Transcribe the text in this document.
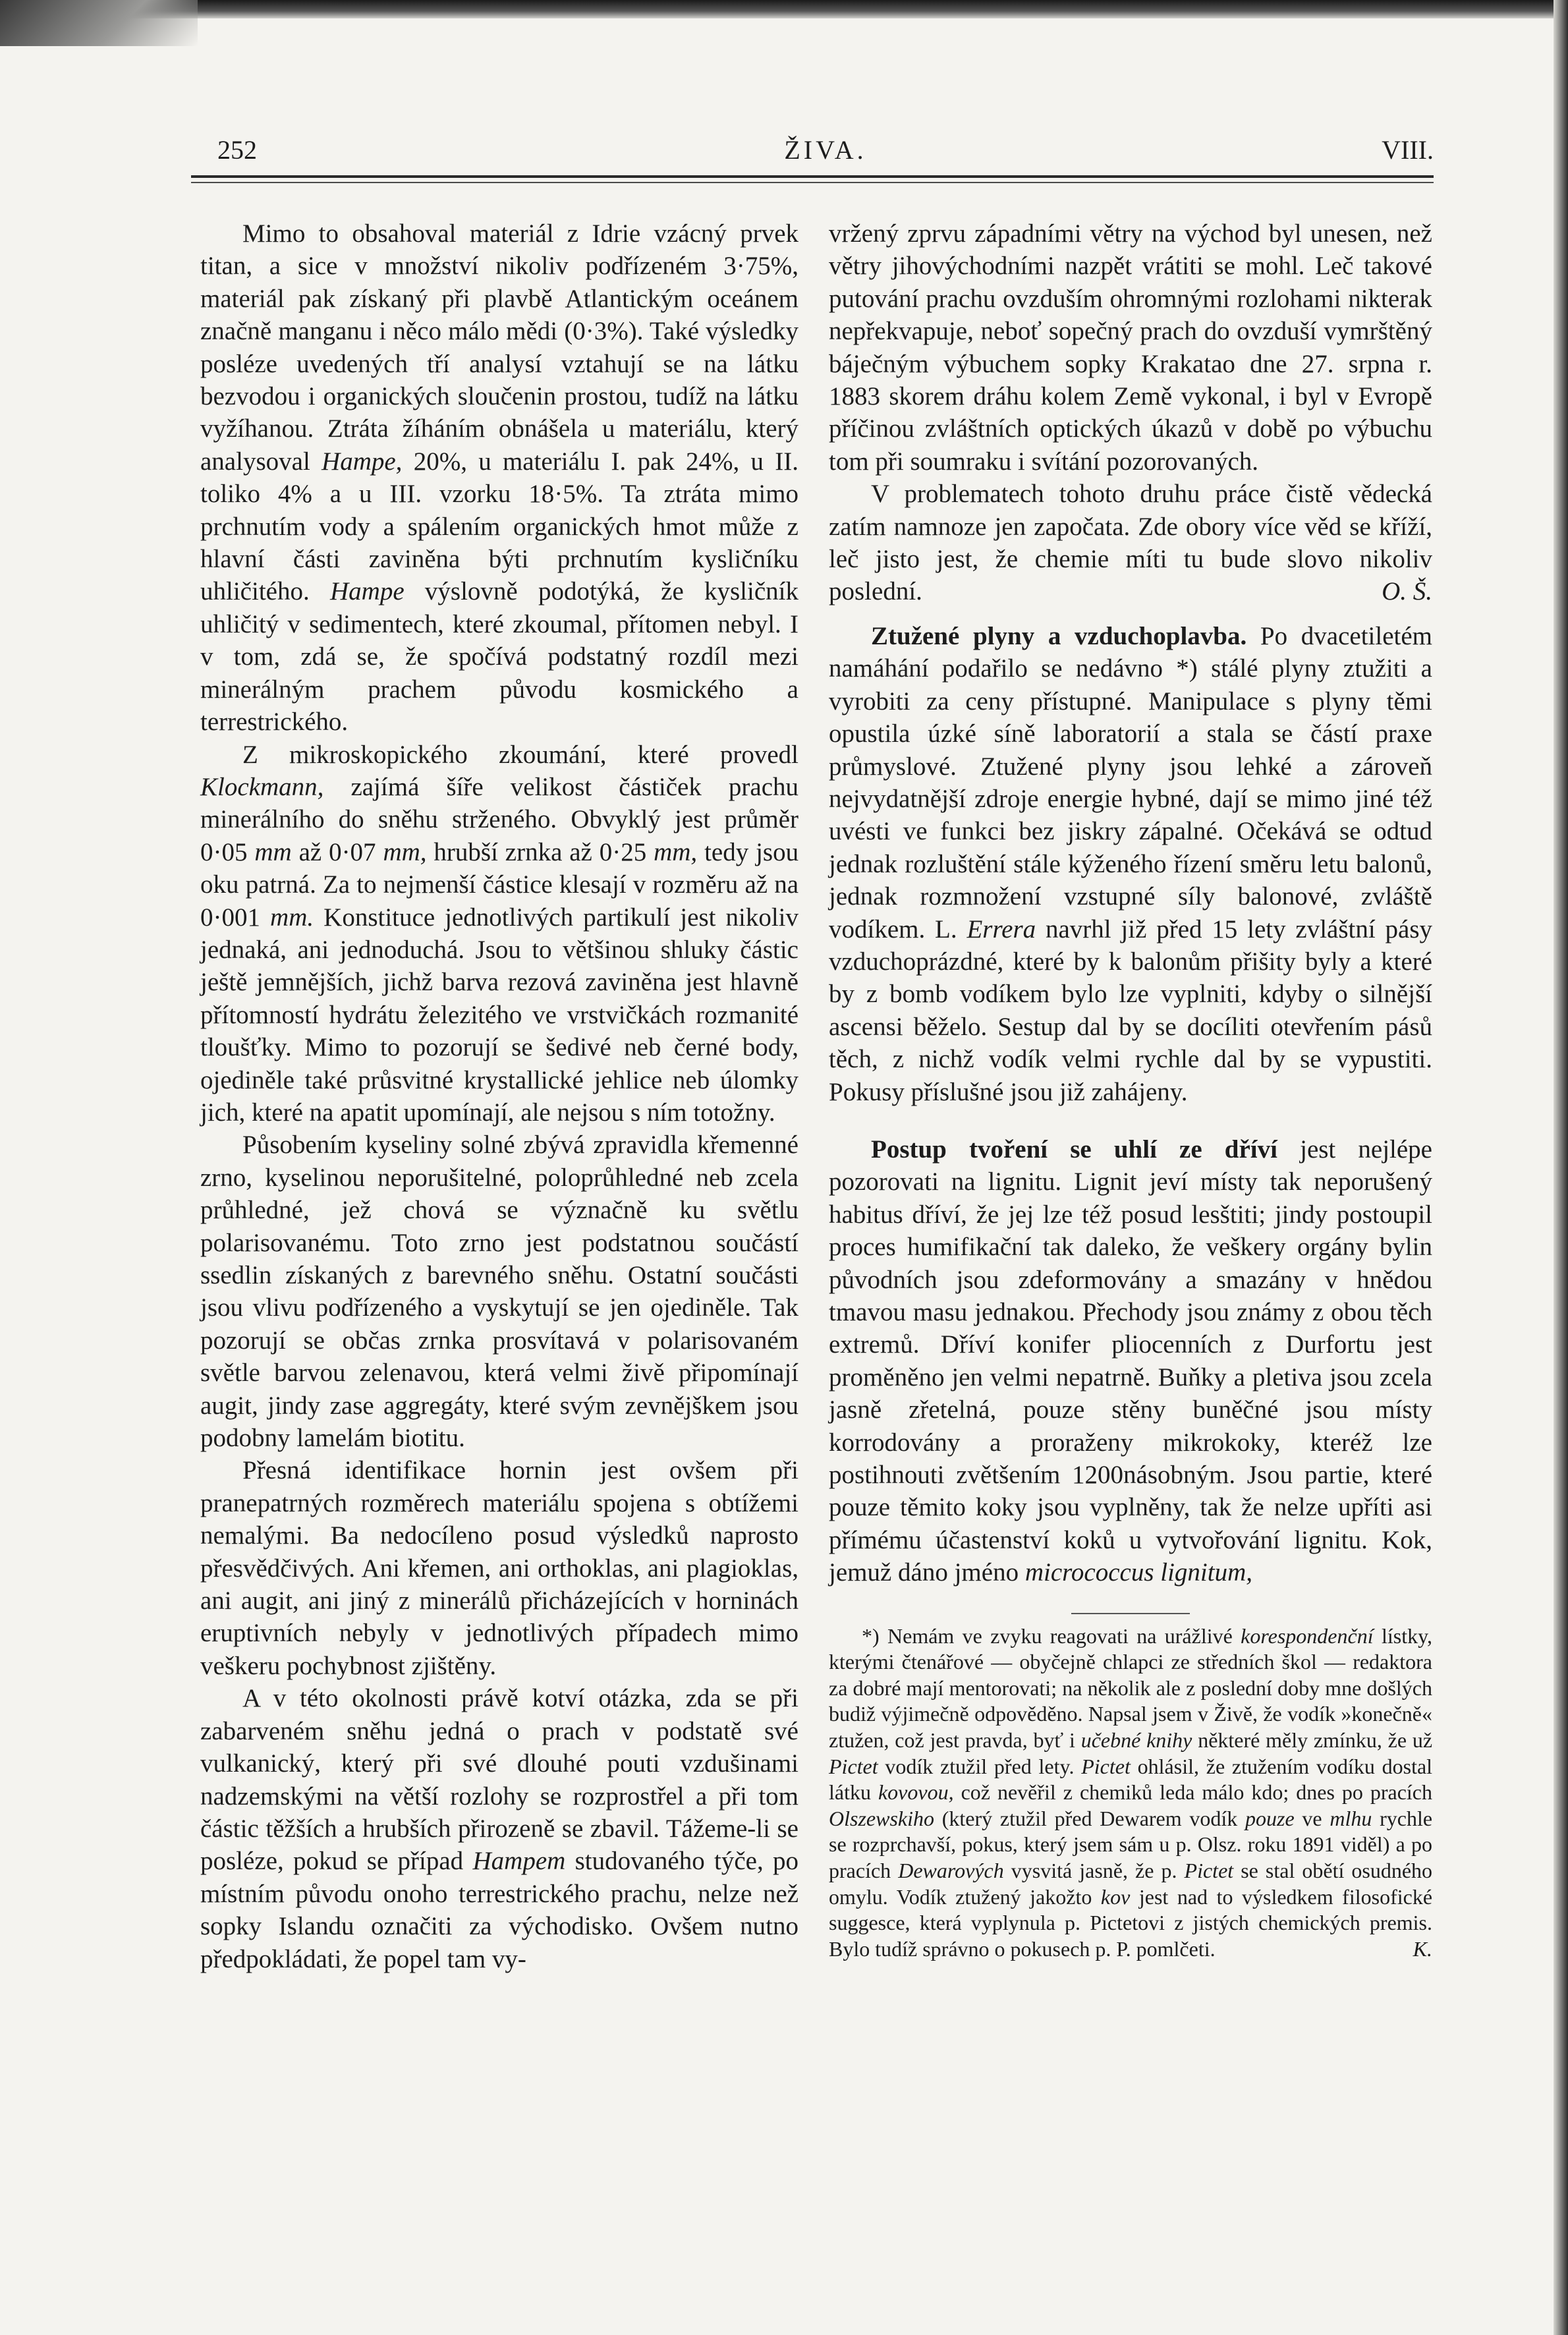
ŽIVA.
252	VIII.

Mimo to obsahoval materiál z Idrie vzácný prvek titan, a sice v množství nikoliv podřízeném 3·75%, materiál pak získaný při plavbě Atlantickým oceánem značně manganu i něco málo mědi (0·3%). Také výsledky posléze uvedených tří analysí vztahují se na látku bezvodou i organických sloučenin prostou, tudíž na látku vyžíhanou. Ztráta žíháním obnášela u materiálu, který analysoval Hampe, 20%, u materiálu I. pak 24%, u II. toliko 4% a u III. vzorku 18·5%. Ta ztráta mimo prchnutím vody a spálením organických hmot může z hlavní části zaviněna býti prchnutím kysličníku uhličitého. Hampe výslovně podotýká, že kysličník uhličitý v sedimentech, které zkoumal, přítomen nebyl. I v tom, zdá se, že spočívá podstatný rozdíl mezi minerálným prachem původu kosmického a terrestrického.

Z mikroskopického zkoumání, které provedl Klockmann, zajímá šíře velikost částiček prachu minerálního do sněhu strženého. Obvyklý jest průměr 0·05 mm až 0·07 mm, hrubší zrnka až 0·25 mm, tedy jsou oku patrná. Za to nejmenší částice klesají v rozměru až na 0·001 mm. Konstituce jednotlivých partikulí jest nikoliv jednaká, ani jednoduchá. Jsou to většinou shluky částic ještě jemnějších, jichž barva rezová zaviněna jest hlavně přítomností hydrátu železitého ve vrstvičkách rozmanité tloušťky. Mimo to pozorují se šedivé neb černé body, ojediněle také průsvitné krystallické jehlice neb úlomky jich, které na apatit upomínají, ale nejsou s ním totožny.

Působením kyseliny solné zbývá zpravidla křemenné zrno, kyselinou neporušitelné, poloprůhledné neb zcela průhledné, jež chová se význačně ku světlu polarisovanému. Toto zrno jest podstatnou součástí ssedlin získaných z barevného sněhu. Ostatní součásti jsou vlivu podřízeného a vyskytují se jen ojediněle. Tak pozorují se občas zrnka prosvítavá v polarisovaném světle barvou zelenavou, která velmi živě připomínají augit, jindy zase aggregáty, které svým zevnějškem jsou podobny lamelám biotitu.

Přesná identifikace hornin jest ovšem při pranepatrných rozměrech materiálu spojena s obtížemi nemalými. Ba nedocíleno posud výsledků naprosto přesvědčivých. Ani křemen, ani orthoklas, ani plagioklas, ani augit, ani jiný z minerálů přicházejících v horninách eruptivních nebyly v jednotlivých případech mimo veškeru pochybnost zjištěny.

A v této okolnosti právě kotví otázka, zda se při zabarveném sněhu jedná o prach v podstatě své vulkanický, který při své dlouhé pouti vzdušinami nadzemskými na větší rozlohy se rozprostřel a při tom částic těžších a hrubších přirozeně se zbavil. Tážeme-li se posléze, pokud se případ Hampem studovaného týče, po místním původu onoho terrestrického prachu, nelze než sopky Islandu označiti za východisko. Ovšem nutno předpokládati, že popel tam vy-

vržený zprvu západními větry na východ byl unesen, než větry jihovýchodními nazpět vrátiti se mohl. Leč takové putování prachu ovzduším ohromnými rozlohami nikterak nepřekvapuje, neboť sopečný prach do ovzduší vymrštěný báječným výbuchem sopky Krakatao dne 27. srpna r. 1883 skorem dráhu kolem Země vykonal, i byl v Evropě příčinou zvláštních optických úkazů v době po výbuchu tom při soumraku i svítání pozorovaných.

V problematech tohoto druhu práce čistě vědecká zatím namnoze jen započata. Zde obory více věd se kříží, leč jisto jest, že chemie míti tu bude slovo nikoliv poslední.	O. Š.

Ztužené plyny a vzduchoplavba. Po dvacetiletém namáhání podařilo se nedávno *) stálé plyny ztužiti a vyrobiti za ceny přístupné. Manipulace s plyny těmi opustila úzké síně laboratorií a stala se částí praxe průmyslové. Ztužené plyny jsou lehké a zároveň nejvydatnější zdroje energie hybné, dají se mimo jiné též uvésti ve funkci bez jiskry zápalné. Očekává se odtud jednak rozluštění stále kýženého řízení směru letu balonů, jednak rozmnožení vzstupné síly balonové, zvláště vodíkem. L. Errera navrhl již před 15 lety zvláštní pásy vzduchoprázdné, které by k balonům přišity byly a které by z bomb vodíkem bylo lze vyplniti, kdyby o silnější ascensi běželo. Sestup dal by se docíliti otevřením pásů těch, z nichž vodík velmi rychle dal by se vypustiti. Pokusy příslušné jsou již zahájeny.

Postup tvoření se uhlí ze dříví jest nejlépe pozorovati na lignitu. Lignit jeví místy tak neporušený habitus dříví, že jej lze též posud lesštiti; jindy postoupil proces humifikační tak daleko, že veškery orgány bylin původních jsou zdeformovány a smazány v hnědou tmavou masu jednakou. Přechody jsou známy z obou těch extremů. Dříví konifer pliocenních z Durfortu jest proměněno jen velmi nepatrně. Buňky a pletiva jsou zcela jasně zřetelná, pouze stěny buněčné jsou místy korrodovány a proraženy mikrokoky, kteréž lze postihnouti zvětšením 1200násobným. Jsou partie, které pouze těmito koky jsou vyplněny, tak že nelze upříti asi přímému účastenství koků u vytvořování lignitu. Kok, jemuž dáno jméno micrococcus lignitum,

*) Nemám ve zvyku reagovati na urážlivé korespondenční lístky, kterými čtenářové — obyčejně chlapci ze středních škol — redaktora za dobré mají mentorovati; na několik ale z poslední doby mne došlých budiž výjimečně odpověděno. Napsal jsem v Živě, že vodík »konečně« ztužen, což jest pravda, byť i učebné knihy některé měly zmínku, že už Pictet vodík ztužil před lety. Pictet ohlásil, že ztužením vodíku dostal látku kovovou, což nevěřil z chemiků leda málo kdo; dnes po pracích Olszewskiho (který ztužil před Dewarem vodík pouze ve mlhu rychle se rozprchavší, pokus, který jsem sám u p. Olsz. roku 1891 viděl) a po pracích Dewarových vysvitá jasně, že p. Pictet se stal obětí osudného omylu. Vodík ztužený jakožto kov jest nad to výsledkem filosofické suggesce, která vyplynula p. Pictetovi z jistých chemických premis. Bylo tudíž správno o pokusech p. P. pomlčeti.	K.
